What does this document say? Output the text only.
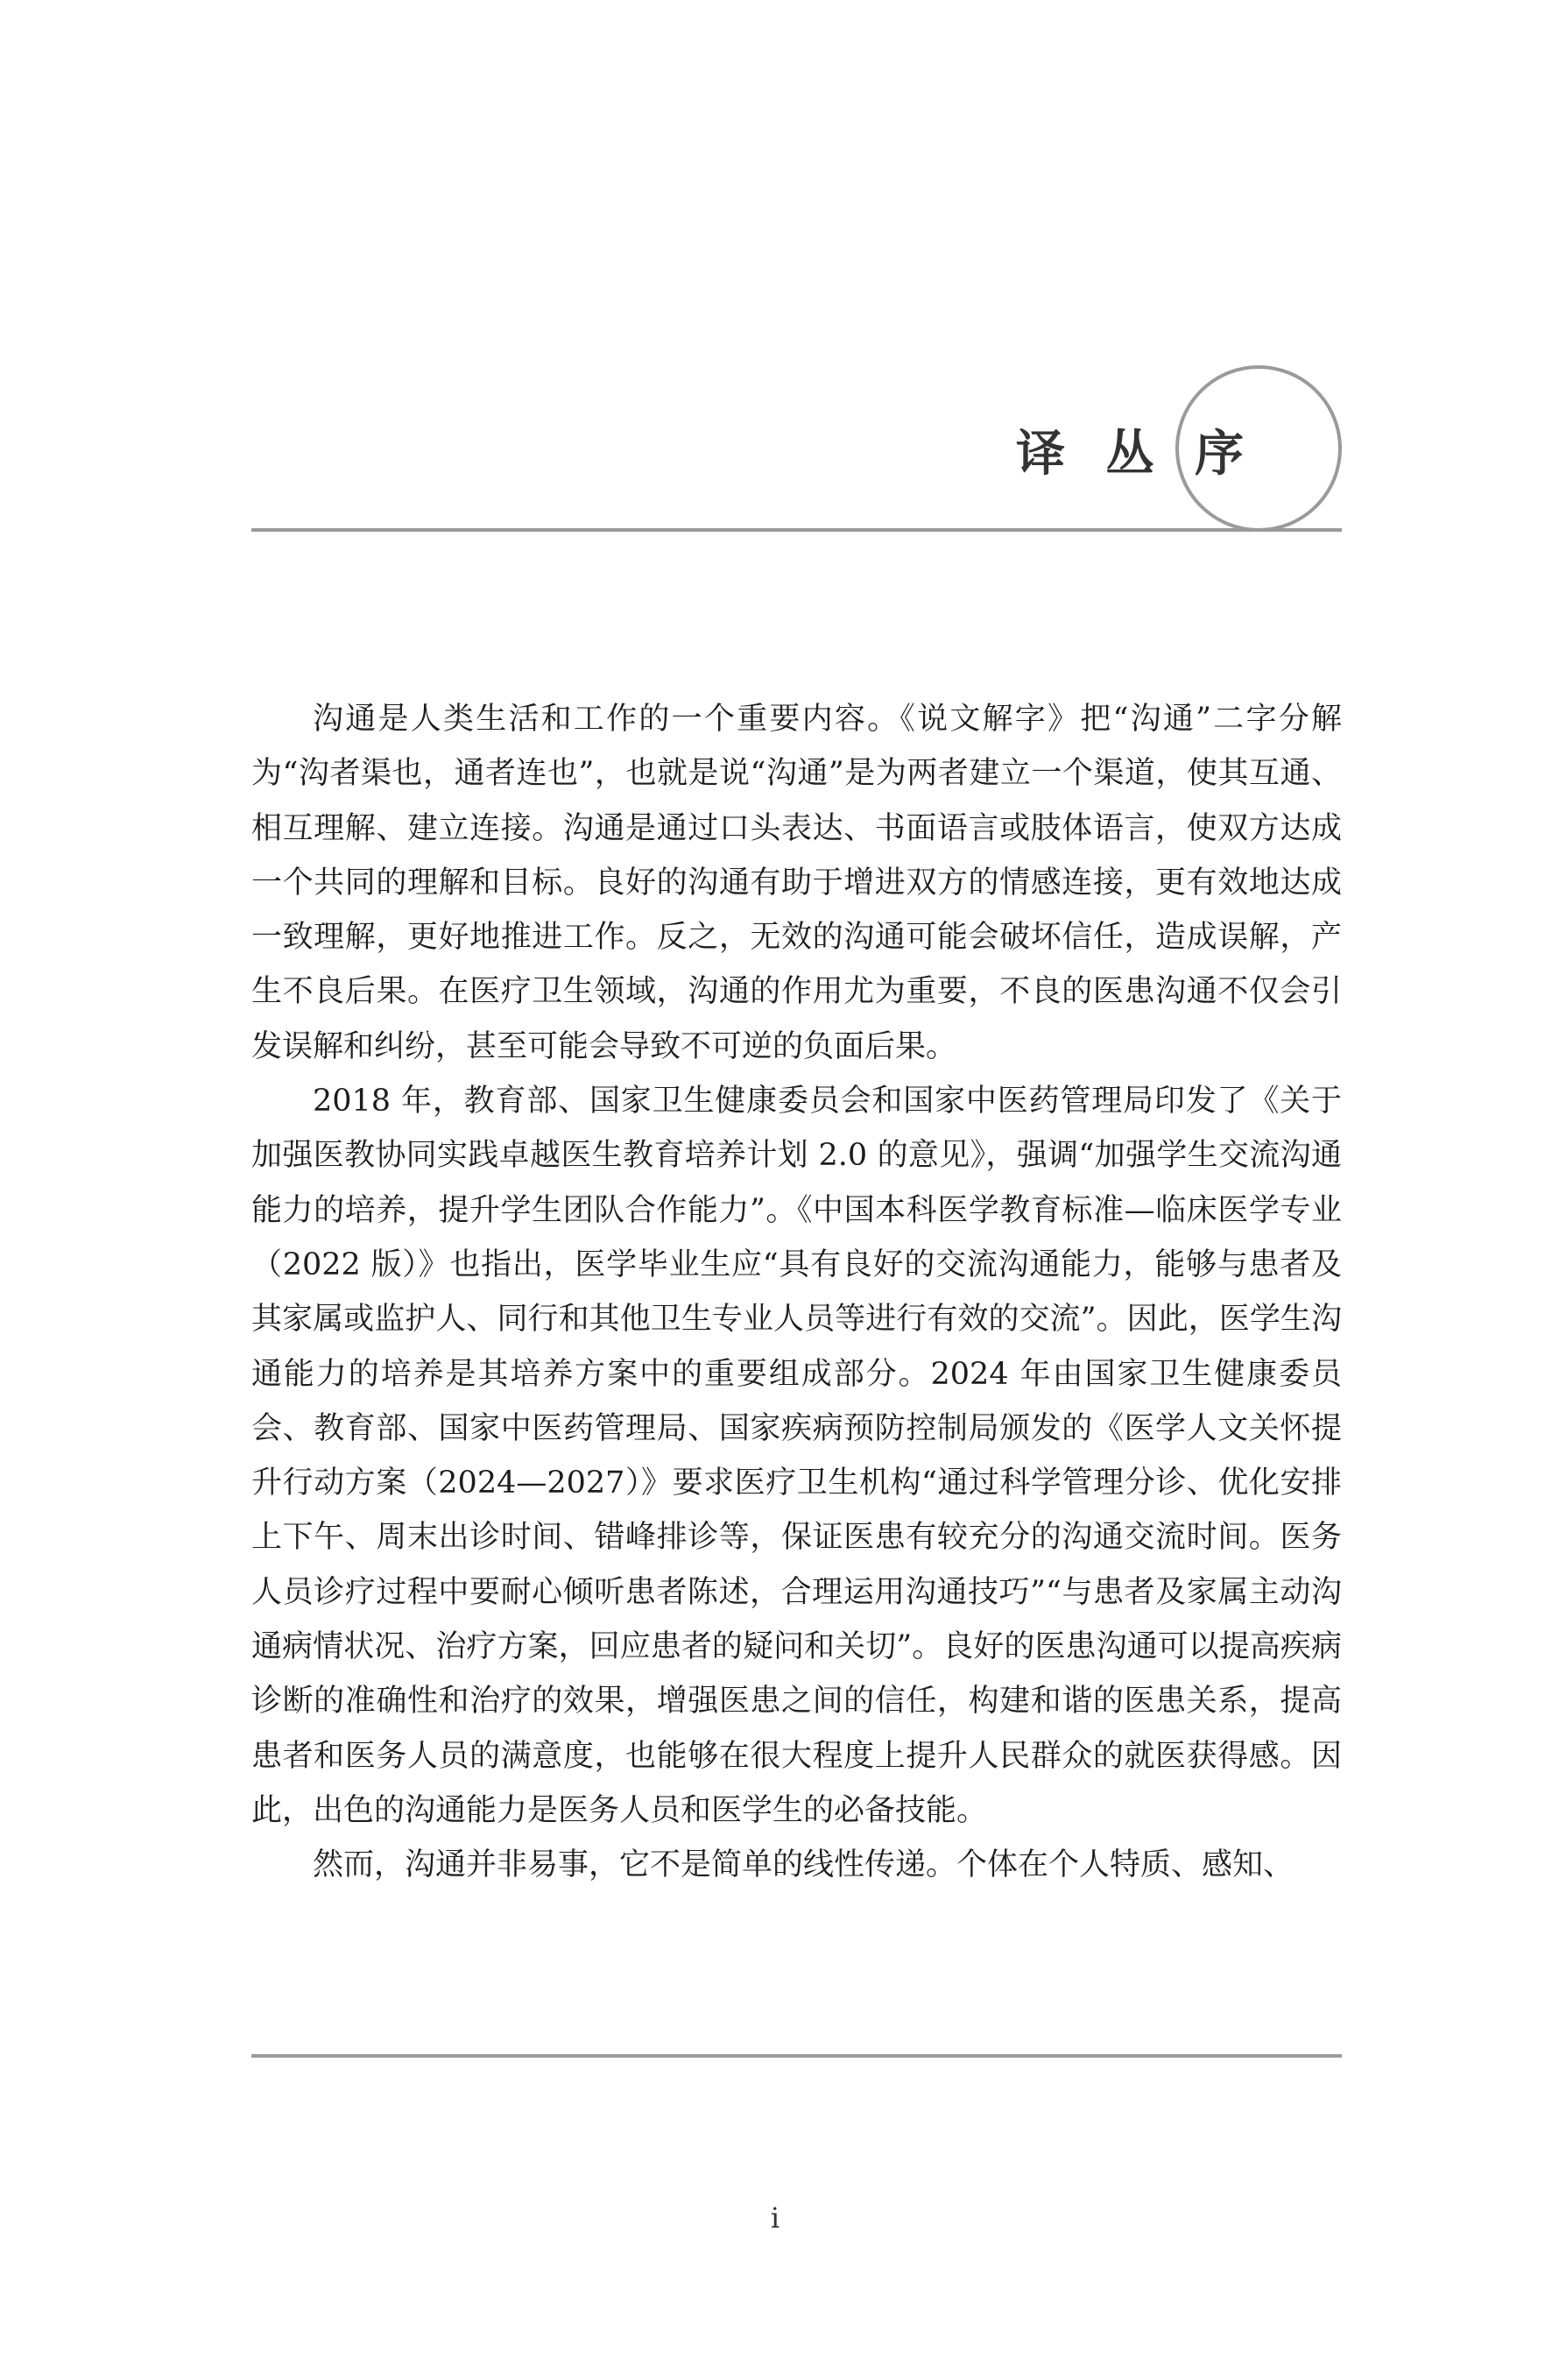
译丛序

沟通是人类生活和工作的一个重要内容。《说文解字》把“沟通”二字分解为“沟者渠也，通者连也”，也就是说“沟通”是为两者建立一个渠道，使其互通、相互理解、建立连接。沟通是通过口头表达、书面语言或肢体语言，使双方达成一个共同的理解和目标。良好的沟通有助于增进双方的情感连接，更有效地达成一致理解，更好地推进工作。反之，无效的沟通可能会破坏信任，造成误解，产生不良后果。在医疗卫生领域，沟通的作用尤为重要，不良的医患沟通不仅会引发误解和纠纷，甚至可能会导致不可逆的负面后果。

2018 年，教育部、国家卫生健康委员会和国家中医药管理局印发了《关于加强医教协同实践卓越医生教育培养计划 2.0 的意见》，强调“加强学生交流沟通能力的培养，提升学生团队合作能力”。《中国本科医学教育标准—临床医学专业（2022 版）》也指出，医学毕业生应“具有良好的交流沟通能力，能够与患者及其家属或监护人、同行和其他卫生专业人员等进行有效的交流”。因此，医学生沟通能力的培养是其培养方案中的重要组成部分。2024 年由国家卫生健康委员会、教育部、国家中医药管理局、国家疾病预防控制局颁发的《医学人文关怀提升行动方案（2024—2027）》要求医疗卫生机构“通过科学管理分诊、优化安排上下午、周末出诊时间、错峰排诊等，保证医患有较充分的沟通交流时间。医务人员诊疗过程中要耐心倾听患者陈述，合理运用沟通技巧”“与患者及家属主动沟通病情状况、治疗方案，回应患者的疑问和关切”。良好的医患沟通可以提高疾病诊断的准确性和治疗的效果，增强医患之间的信任，构建和谐的医患关系，提高患者和医务人员的满意度，也能够在很大程度上提升人民群众的就医获得感。因此，出色的沟通能力是医务人员和医学生的必备技能。

然而，沟通并非易事，它不是简单的线性传递。个体在个人特质、感知、

i
